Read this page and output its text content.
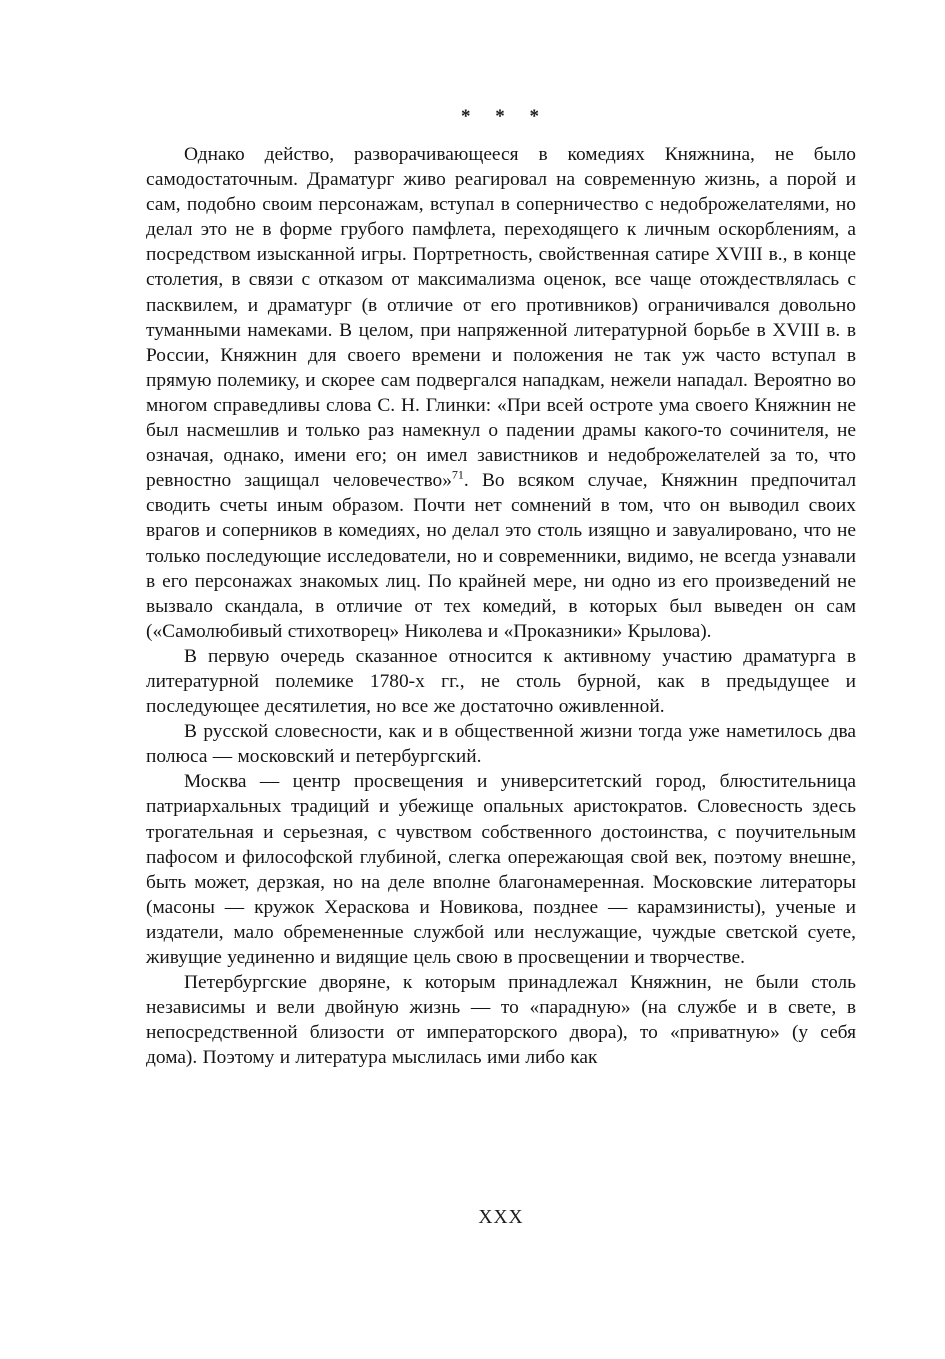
* * *

Однако действо, разворачивающееся в комедиях Княжнина, не было самодостаточным. Драматург живо реагировал на современную жизнь, а порой и сам, подобно своим персонажам, вступал в соперничество с недоброжелателями, но делал это не в форме грубого памфлета, переходящего к личным оскорблениям, а посредством изысканной игры. Портретность, свойственная сатире XVIII в., в конце столетия, в связи с отказом от максимализма оценок, все чаще отождествлялась с пасквилем, и драматург (в отличие от его противников) ограничивался довольно туманными намеками. В целом, при напряженной литературной борьбе в XVIII в. в России, Княжнин для своего времени и положения не так уж часто вступал в прямую полемику, и скорее сам подвергался нападкам, нежели нападал. Вероятно во многом справедливы слова С. Н. Глинки: «При всей остроте ума своего Княжнин не был насмешлив и только раз намекнул о падении драмы какого-то сочинителя, не означая, однако, имени его; он имел завистников и недоброжелателей за то, что ревностно защищал человечество»$^{71}$. Во всяком случае, Княжнин предпочитал сводить счеты иным образом. Почти нет сомнений в том, что он выводил своих врагов и соперников в комедиях, но делал это столь изящно и завуалировано, что не только последующие исследователи, но и современники, видимо, не всегда узнавали в его персонажах знакомых лиц. По крайней мере, ни одно из его произведений не вызвало скандала, в отличие от тех комедий, в которых был выведен он сам («Самолюбивый стихотворец» Николева и «Проказники» Крылова).

В первую очередь сказанное относится к активному участию драматурга в литературной полемике 1780-х гг., не столь бурной, как в предыдущее и последующее десятилетия, но все же достаточно оживленной.

В русской словесности, как и в общественной жизни тогда уже наметилось два полюса — московский и петербургский.

Москва — центр просвещения и университетский город, блюстительница патриархальных традиций и убежище опальных аристократов. Словесность здесь трогательная и серьезная, с чувством собственного достоинства, с поучительным пафосом и философской глубиной, слегка опережающая свой век, поэтому внешне, быть может, дерзкая, но на деле вполне благонамеренная. Московские литераторы (масоны — кружок Хераскова и Новикова, позднее — карамзинисты), ученые и издатели, мало обремененные службой или неслужащие, чуждые светской суете, живущие уединенно и видящие цель свою в просвещении и творчестве.

Петербургские дворяне, к которым принадлежал Княжнин, не были столь независимы и вели двойную жизнь — то «парадную» (на службе и в свете, в непосредственной близости от императорского двора), то «приватную» (у себя дома). Поэтому и литература мыслилась ими либо как

XXX
